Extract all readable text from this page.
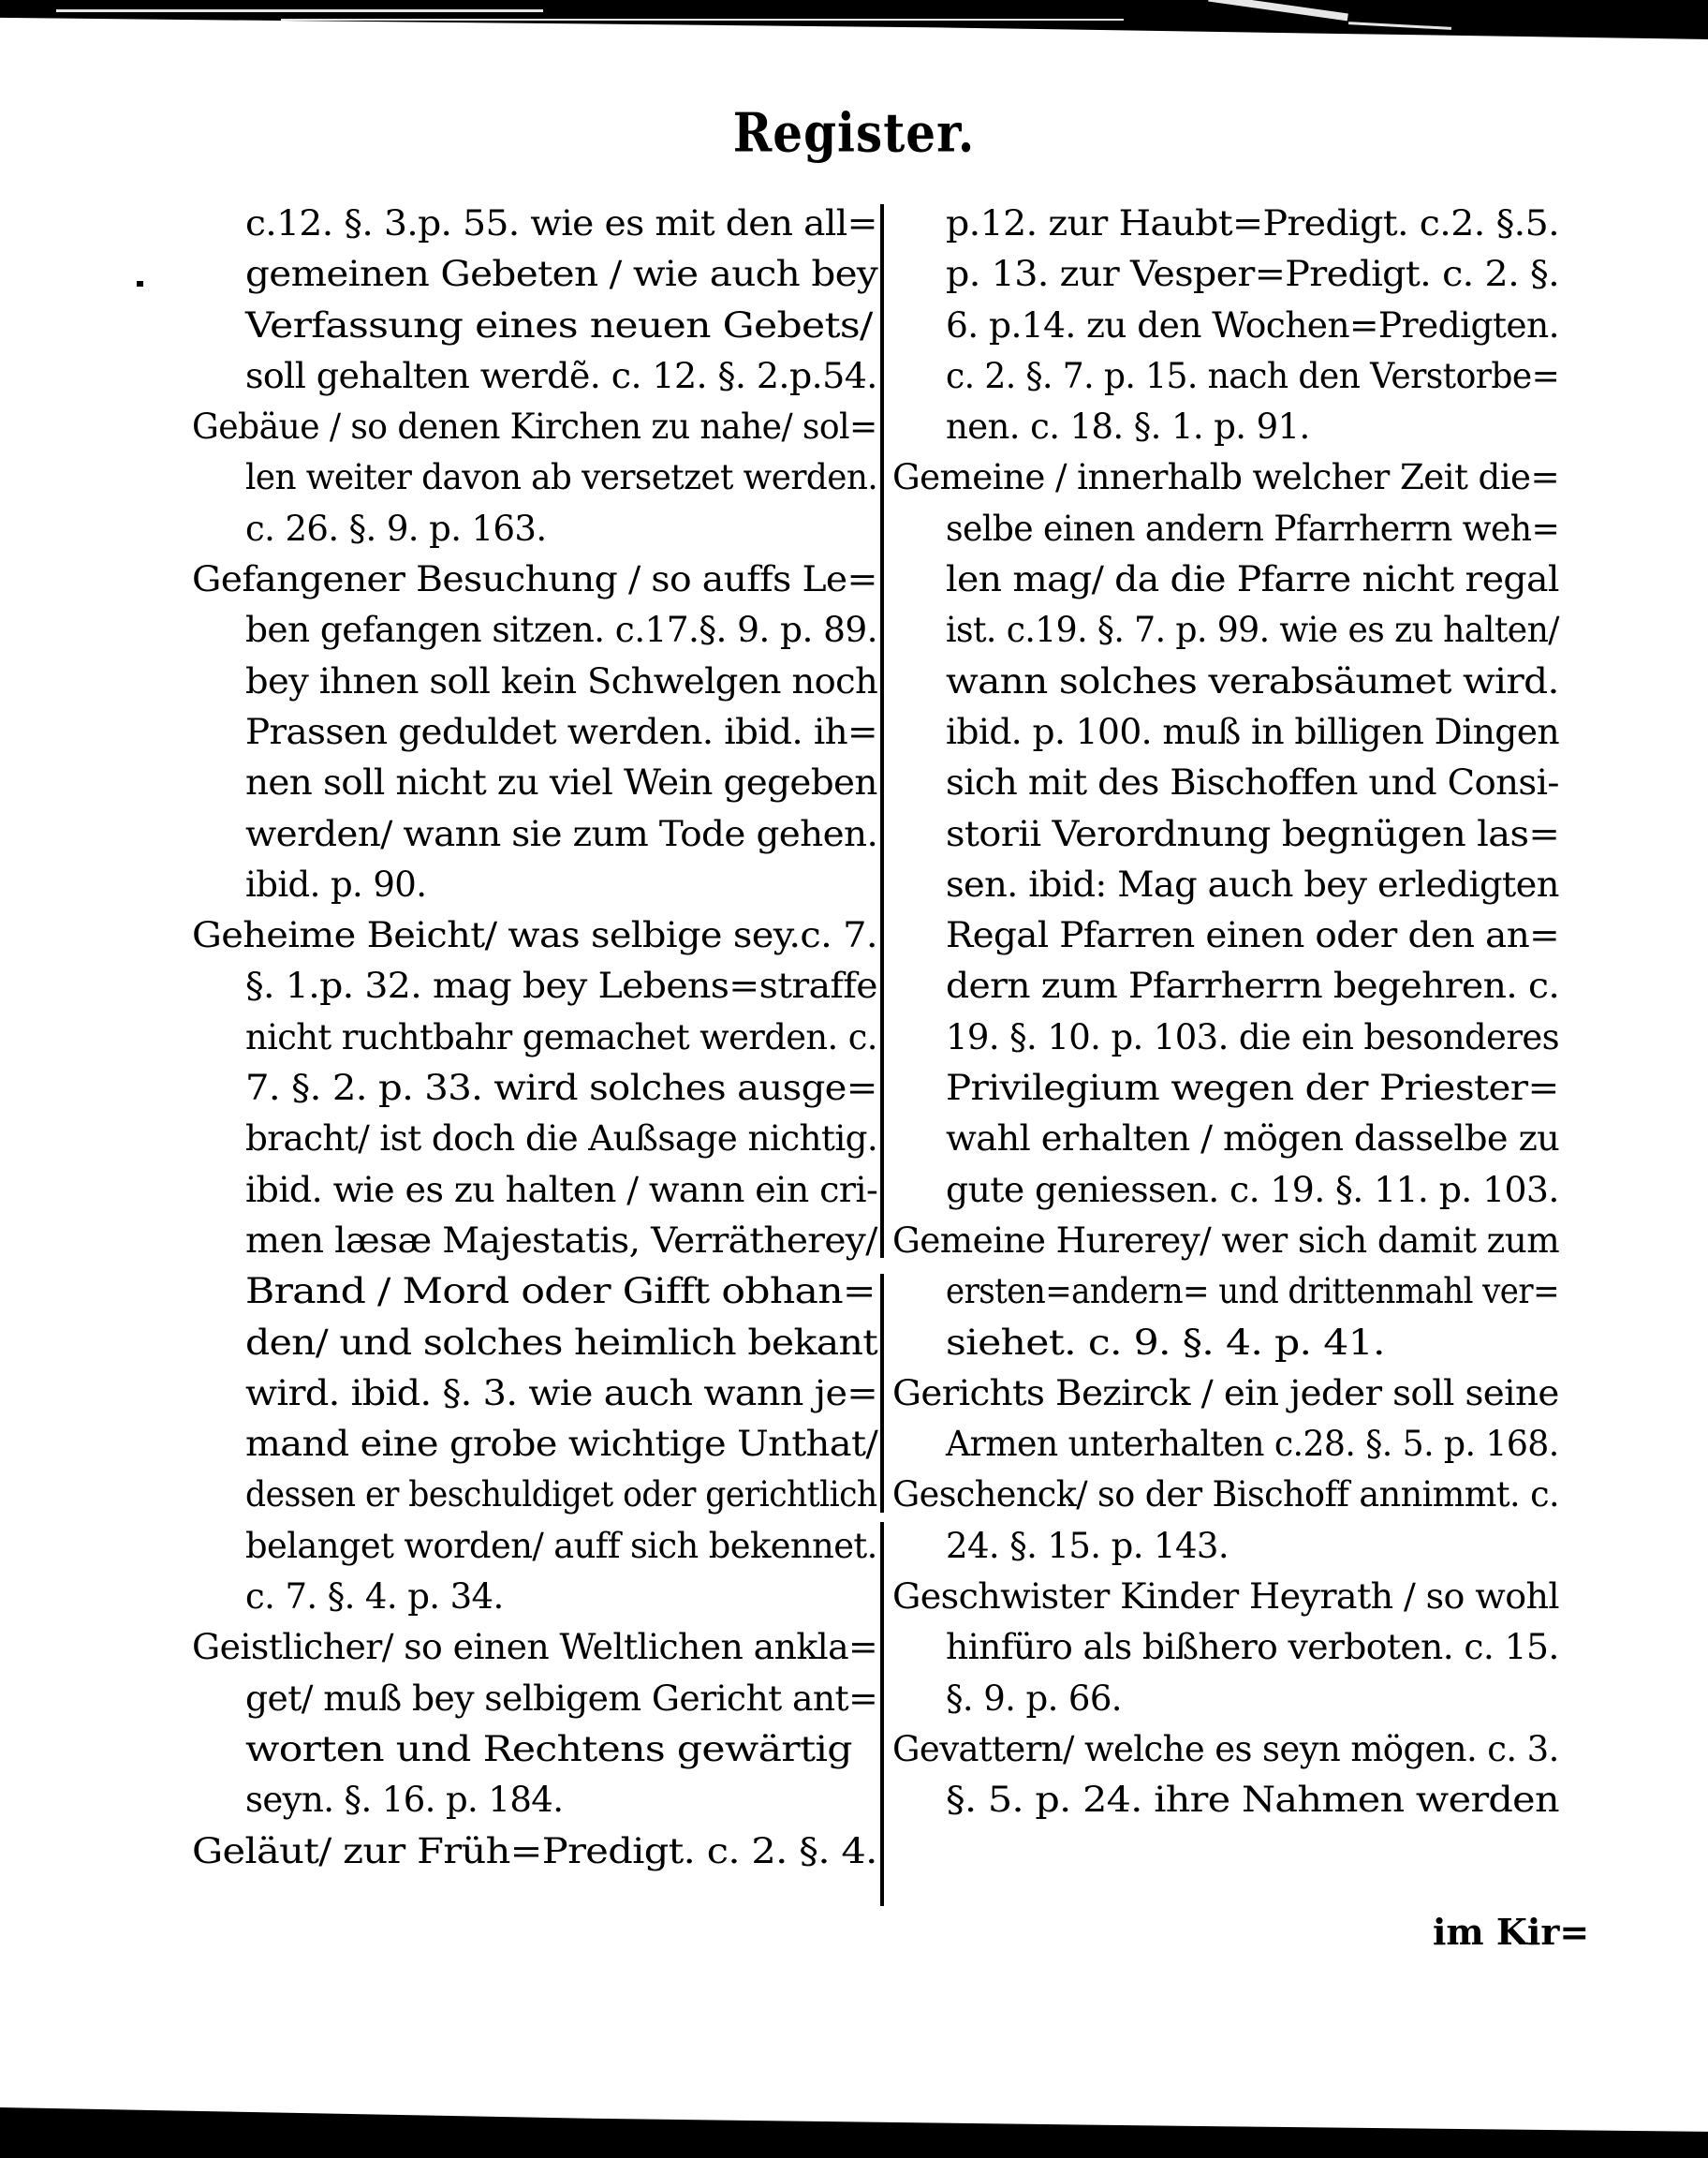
Register.
c.12. §. 3.p. 55. wie es mit den all=
gemeinen Gebeten / wie auch bey
Verfassung eines neuen Gebets/
soll gehalten werdẽ. c. 12. §. 2.p.54.
Gebäue / so denen Kirchen zu nahe/ sol=
len weiter davon ab versetzet werden.
c. 26. §. 9. p. 163.
Gefangener Besuchung / so auffs Le=
ben gefangen sitzen. c.17.§. 9. p. 89.
bey ihnen soll kein Schwelgen noch
Prassen geduldet werden. ibid. ih=
nen soll nicht zu viel Wein gegeben
werden/ wann sie zum Tode gehen.
ibid. p. 90.
Geheime Beicht/ was selbige sey.c. 7.
§. 1.p. 32. mag bey Lebens=straffe
nicht ruchtbahr gemachet werden. c.
7. §. 2. p. 33. wird solches ausge=
bracht/ ist doch die Außsage nichtig.
ibid. wie es zu halten / wann ein cri-
men læsæ Majestatis, Verrätherey/
Brand / Mord oder Gifft obhan=
den/ und solches heimlich bekant
wird. ibid. §. 3. wie auch wann je=
mand eine grobe wichtige Unthat/
dessen er beschuldiget oder gerichtlich
belanget worden/ auff sich bekennet.
c. 7. §. 4. p. 34.
Geistlicher/ so einen Weltlichen ankla=
get/ muß bey selbigem Gericht ant=
worten und Rechtens gewärtig
seyn. §. 16. p. 184.
Geläut/ zur Früh=Predigt. c. 2. §. 4.
p.12. zur Haubt=Predigt. c.2. §.5.
p. 13. zur Vesper=Predigt. c. 2. §.
6. p.14. zu den Wochen=Predigten.
c. 2. §. 7. p. 15. nach den Verstorbe=
nen. c. 18. §. 1. p. 91.
Gemeine / innerhalb welcher Zeit die=
selbe einen andern Pfarrherrn weh=
len mag/ da die Pfarre nicht regal
ist. c.19. §. 7. p. 99. wie es zu halten/
wann solches verabsäumet wird.
ibid. p. 100. muß in billigen Dingen
sich mit des Bischoffen und Consi-
storii Verordnung begnügen las=
sen. ibid: Mag auch bey erledigten
Regal Pfarren einen oder den an=
dern zum Pfarrherrn begehren. c.
19. §. 10. p. 103. die ein besonderes
Privilegium wegen der Priester=
wahl erhalten / mögen dasselbe zu
gute geniessen. c. 19. §. 11. p. 103.
Gemeine Hurerey/ wer sich damit zum
ersten=andern= und drittenmahl ver=
siehet. c. 9. §. 4. p. 41.
Gerichts Bezirck / ein jeder soll seine
Armen unterhalten c.28. §. 5. p. 168.
Geschenck/ so der Bischoff annimmt. c.
24. §. 15. p. 143.
Geschwister Kinder Heyrath / so wohl
hinfüro als bißhero verboten. c. 15.
§. 9. p. 66.
Gevattern/ welche es seyn mögen. c. 3.
§. 5. p. 24. ihre Nahmen werden
im Kir=
